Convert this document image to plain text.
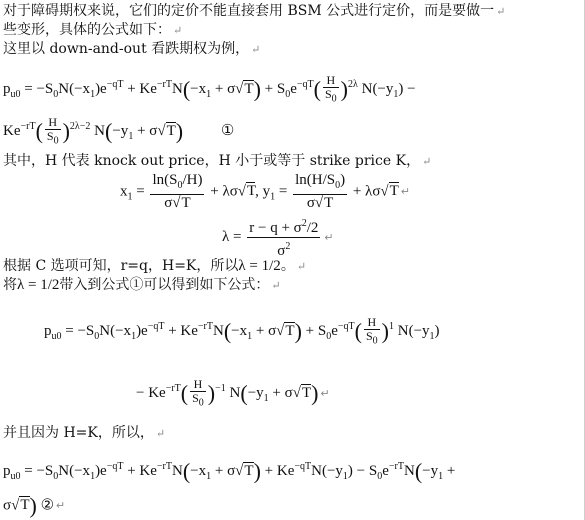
对于障碍期权来说，它们的定价不能直接套用 BSM 公式进行定价，而是要做一 ↵
些变形，具体的公式如下： ↵
这里以 down-and-out 看跌期权为例， ↵
$p_{u0} = -S_0N(-x_1)e^{-qT} + Ke^{-rT}N(-x_1 + \sigma√T) + S_0e^{-qT}( \frac{H}{S_0} )^{2\lambda}$ $N(-y_1)$ −
$Ke^{-rT}( \frac{H}{S_0} )^{2\lambda-2}$ $N(-y_1 + \sigma√T)$	①
其中，H 代表 knock out price，H 小于或等于 strike price K， ↵
$x_1 = \frac{\ln(S_0/H)}{\sigma√T} + \lambda\sigma√T$, $y_1 = \frac{\ln(H/S_0)}{\sigma√T} + \lambda\sigma√T$ ↵
$\lambda = \frac{r - q + \sigma^2/2}{\sigma^2}$ ↵
根据 C 选项可知，r=q，H=K，所以λ = 1/2。 ↵
将λ = 1/2带入到公式①可以得到如下公式： ↵
$p_{u0} = -S_0N(-x_1)e^{-qT} + Ke^{-rT}N(-x_1 + \sigma√T) + S_0e^{-qT}( \frac{H}{S_0} )^1$ $N(-y_1)$
− $Ke^{-rT}( \frac{H}{S_0} )^{-1}$ $N(-y_1 + \sigma√T)$ ↵
并且因为 H=K，所以， ↵
$p_{u0} = -S_0N(-x_1)e^{-qT} + Ke^{-rT}N(-x_1 + \sigma√T) + Ke^{-qT}N(-y_1) - S_0e^{-rT}N(-y_1$ +
σ√T) ② ↵
